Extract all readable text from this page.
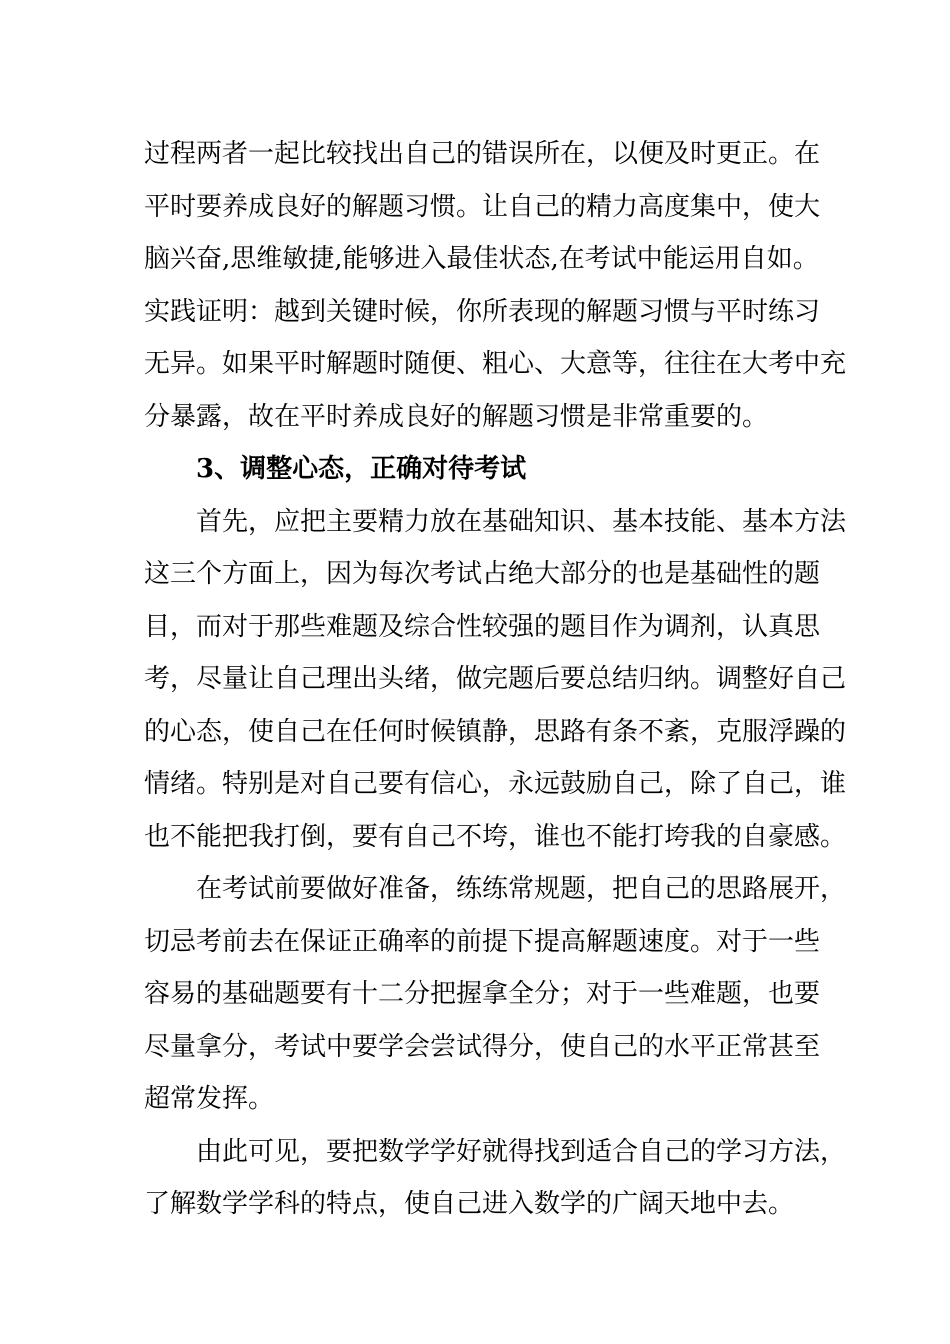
过程两者一起比较找出自己的错误所在，以便及时更正。在
平时要养成良好的解题习惯。让自己的精力高度集中，使大
脑兴奋,思维敏捷,能够进入最佳状态,在考试中能运用自如。
实践证明：越到关键时候，你所表现的解题习惯与平时练习
无异。如果平时解题时随便、粗心、大意等，往往在大考中充
分暴露，故在平时养成良好的解题习惯是非常重要的。
3、调整心态，正确对待考试
首先，应把主要精力放在基础知识、基本技能、基本方法
这三个方面上，因为每次考试占绝大部分的也是基础性的题
目，而对于那些难题及综合性较强的题目作为调剂，认真思
考，尽量让自己理出头绪，做完题后要总结归纳。调整好自己
的心态，使自己在任何时候镇静，思路有条不紊，克服浮躁的
情绪。特别是对自己要有信心，永远鼓励自己，除了自己，谁
也不能把我打倒，要有自己不垮，谁也不能打垮我的自豪感。
在考试前要做好准备，练练常规题，把自己的思路展开，
切忌考前去在保证正确率的前提下提高解题速度。对于一些
容易的基础题要有十二分把握拿全分；对于一些难题，也要
尽量拿分，考试中要学会尝试得分，使自己的水平正常甚至
超常发挥。
由此可见，要把数学学好就得找到适合自己的学习方法，
了解数学学科的特点，使自己进入数学的广阔天地中去。
